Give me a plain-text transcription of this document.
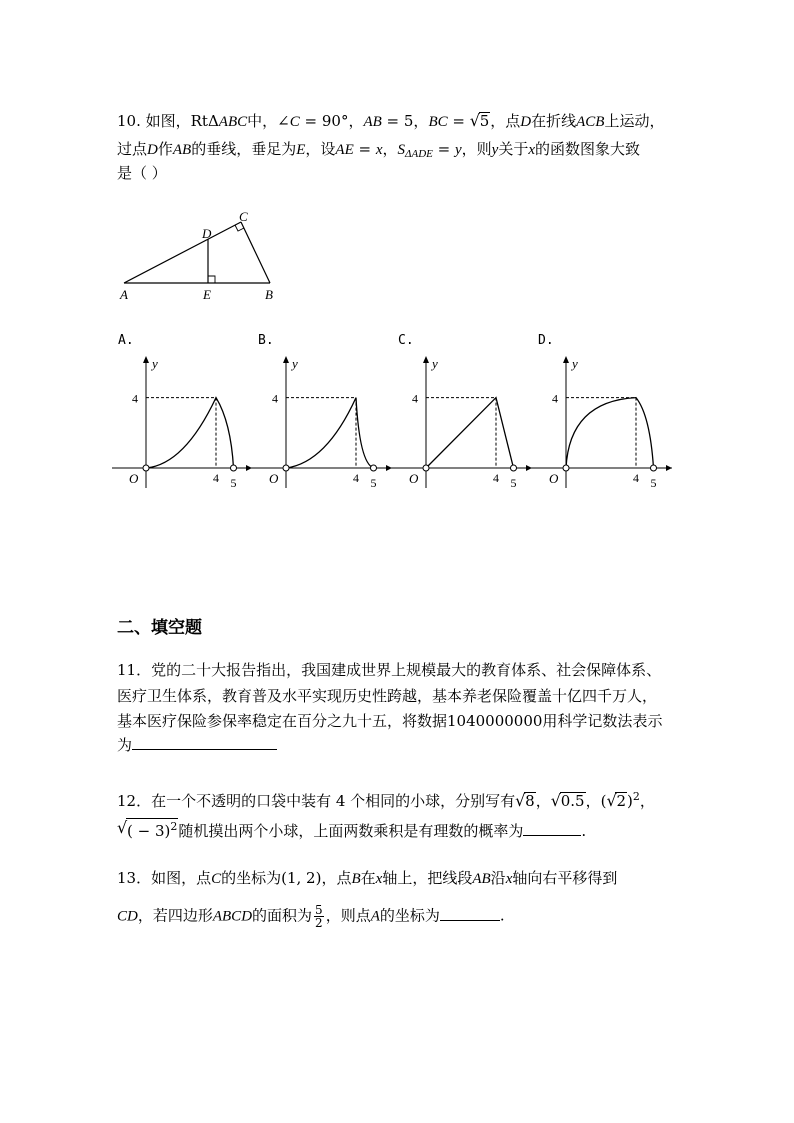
10. 如图，RtΔABC中，∠C = 90°，AB = 5，BC = √ 5，点D在折线ACB上运动，
过点D作AB的垂线，垂足为E，设AE = x，$S_{\Delta ADE} = y$，则y关于x的函数图象大致
是（ ）
A	E	B
D
C
A.	B.	C.	D.
y
4
O	4 5
y
4
O	4 5
y
4
O	4 5
y
4
O	4 5
二、填空题
11．党的二十大报告指出，我国建成世界上规模最大的教育体系、社会保障体系、
医疗卫生体系，教育普及水平实现历史性跨越，基本养老保险覆盖十亿四千万人，
基本医疗保险参保率稳定在百分之九十五，将数据1040000000用科学记数法表示
为
12．在一个不透明的口袋中装有 4 个相同的小球，分别写有 √ 8， √ 0.5，( √ 2)$^2$，
√ ( − 3)$^2$随机摸出两个小球，上面两数乘积是有理数的概率为	.
13．如图，点C的坐标为(1, 2)，点B在x轴上，把线段AB沿x轴向右平移得到
CD，若四边形ABCD的面积为 $\frac{5}{2}$ ，则点A的坐标为	.
